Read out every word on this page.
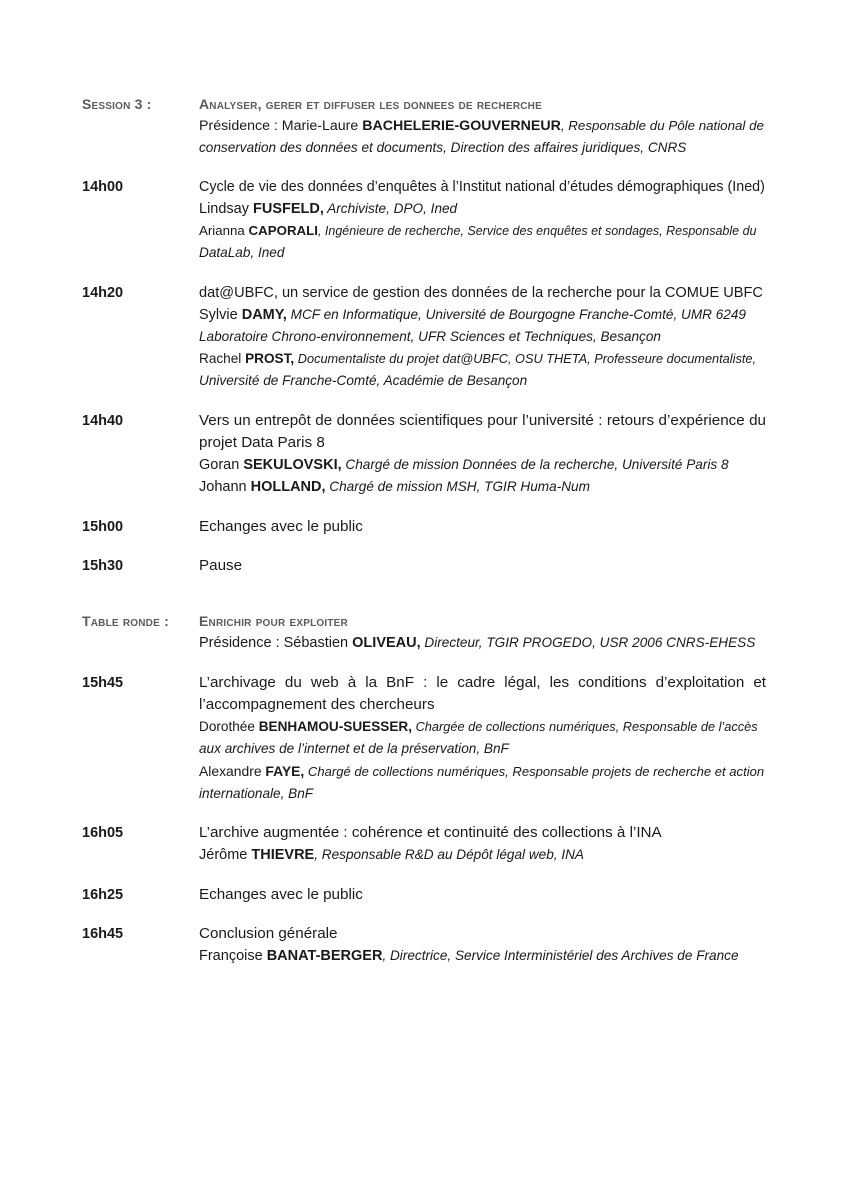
Session 3 :	Analyser, gerer et diffuser les donnees de recherche
Présidence : Marie-Laure BACHELERIE-GOUVERNEUR, Responsable du Pôle national de
conservation des données et documents, Direction des affaires juridiques, CNRS
14h00	Cycle de vie des données d’enquêtes à l’Institut national d’études démographiques (Ined)
Lindsay FUSFELD, Archiviste, DPO, Ined
Arianna CAPORALI, Ingénieure de recherche, Service des enquêtes et sondages, Responsable du
DataLab, Ined
14h20	dat@UBFC, un service de gestion des données de la recherche pour la COMUE UBFC
Sylvie DAMY, MCF en Informatique, Université de Bourgogne Franche-Comté, UMR 6249
Laboratoire Chrono-environnement, UFR Sciences et Techniques, Besançon
Rachel PROST, Documentaliste du projet dat@UBFC, OSU THETA, Professeure documentaliste,
Université de Franche-Comté, Académie de Besançon
14h40	Vers un entrepôt de données scientifiques pour l’université : retours d’expérience du
projet Data Paris 8
Goran SEKULOVSKI, Chargé de mission Données de la recherche, Université Paris 8
Johann HOLLAND, Chargé de mission MSH, TGIR Huma-Num
15h00	Echanges avec le public
15h30	Pause
Table ronde : Enrichir pour exploiter
Présidence : Sébastien OLIVEAU, Directeur, TGIR PROGEDO, USR 2006 CNRS-EHESS
15h45	L’archivage du web à la BnF : le cadre légal, les conditions d’exploitation et
l’accompagnement des chercheurs
Dorothée BENHAMOU-SUESSER, Chargée de collections numériques, Responsable de l’accès
aux archives de l’internet et de la préservation, BnF
Alexandre FAYE, Chargé de collections numériques, Responsable projets de recherche et action
internationale, BnF
16h05	L’archive augmentée : cohérence et continuité des collections à l’INA
Jérôme THIEVRE, Responsable R&D au Dépôt légal web, INA
16h25	Echanges avec le public
16h45	Conclusion générale
Françoise BANAT-BERGER, Directrice, Service Interministériel des Archives de France
